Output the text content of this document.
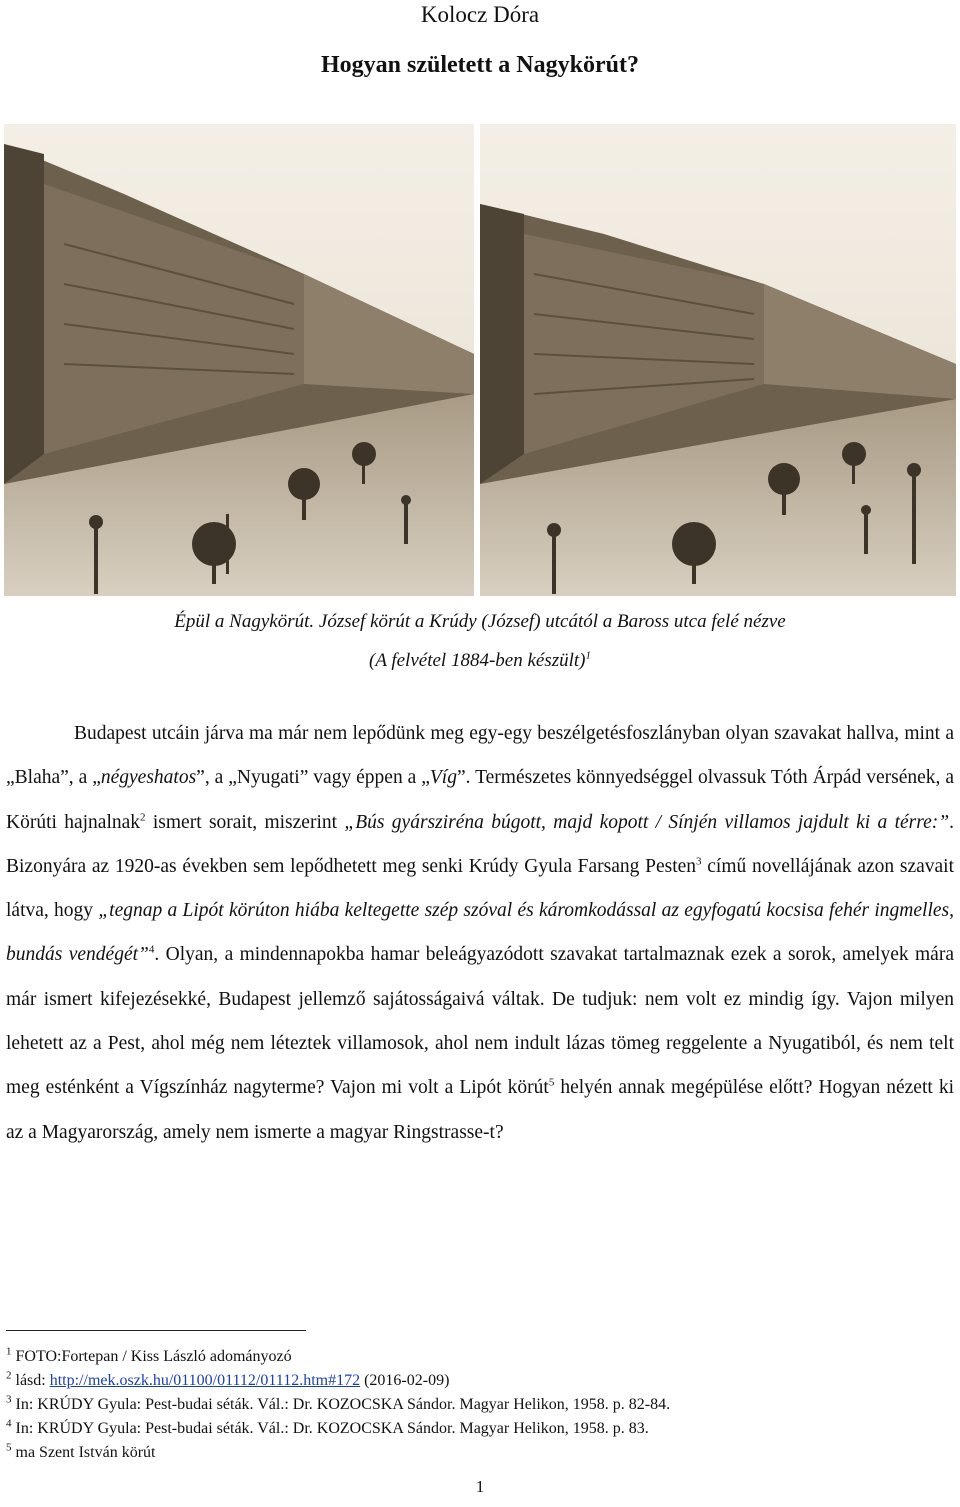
Kolocz Dóra
Hogyan született a Nagykörút?
Épül a Nagykörút. József körút a Krúdy (József) utcától a Baross utca felé nézve
(A felvétel 1884-ben készült)$^1$

Budapest utcáin járva ma már nem lepődünk meg egy-egy beszélgetésfoszlányban olyan szavakat hallva, mint a „Blaha”, a „négyeshatos”, a „Nyugati” vagy éppen a „Víg”. Természetes könnyedséggel olvassuk Tóth Árpád versének, a Körúti hajnalnak$^2$ ismert sorait, miszerint „Bús gyársziréna búgott, majd kopott / Sínjén villamos jajdult ki a térre:”. Bizonyára az 1920-as években sem lepődhetett meg senki Krúdy Gyula Farsang Pesten$^3$ című novellájának azon szavait látva, hogy „tegnap a Lipót körúton hiába keltegette szép szóval és káromkodással az egyfogatú kocsisa fehér ingmelles, bundás vendégét”$^4$. Olyan, a mindennapokba hamar beleágyazódott szavakat tartalmaznak ezek a sorok, amelyek mára már ismert kifejezésekké, Budapest jellemző sajátosságaivá váltak. De tudjuk: nem volt ez mindig így. Vajon milyen lehetett az a Pest, ahol még nem léteztek villamosok, ahol nem indult lázas tömeg reggelente a Nyugatiból, és nem telt meg esténként a Vígszínház nagyterme? Vajon mi volt a Lipót körút$^5$ helyén annak megépülése előtt? Hogyan nézett ki az a Magyarország, amely nem ismerte a magyar Ringstrasse-t?

$^1$ FOTO:Fortepan / Kiss László adományozó
$^2$ lásd: http://mek.oszk.hu/01100/01112/01112.htm#172 (2016-02-09)
$^3$ In: KRÚDY Gyula: Pest-budai séták. Vál.: Dr. KOZOCSKA Sándor. Magyar Helikon, 1958. p. 82-84.
$^4$ In: KRÚDY Gyula: Pest-budai séták. Vál.: Dr. KOZOCSKA Sándor. Magyar Helikon, 1958. p. 83.
$^5$ ma Szent István körút
1
